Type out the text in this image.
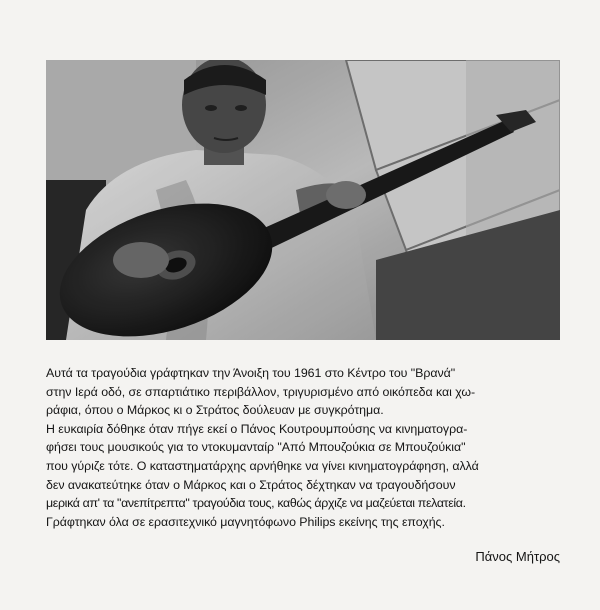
Αυτά τα τραγούδια γράφτηκαν την Άνοιξη του 1961 στο Κέντρο του "Βρανά"
στην Ιερά οδό, σε σπαρτιάτικο περιβάλλον, τριγυρισμένο από οικόπεδα και χω-
ράφια, όπου ο Μάρκος κι ο Στράτος δούλευαν με συγκρότημα.
Η ευκαιρία δόθηκε όταν πήγε εκεί ο Πάνος Κουτρουμπούσης να κινηματογρα-
φήσει τους μουσικούς για το ντοκυμανταίρ "Από Μπουζούκια σε Μπουζούκια"
που γύριζε τότε. Ο καταστηματάρχης αρνήθηκε να γίνει κινηματογράφηση, αλλά
δεν ανακατεύτηκε όταν ο Μάρκος και ο Στράτος δέχτηκαν να τραγουδήσουν
μερικά απ' τα "ανεπίτρεπτα" τραγούδια τους, καθώς άρχιζε να μαζεύεται πελατεία.
Γράφτηκαν όλα σε ερασιτεχνικό μαγνητόφωνο Philips εκείνης της εποχής.
Πάνος Μήτρος
